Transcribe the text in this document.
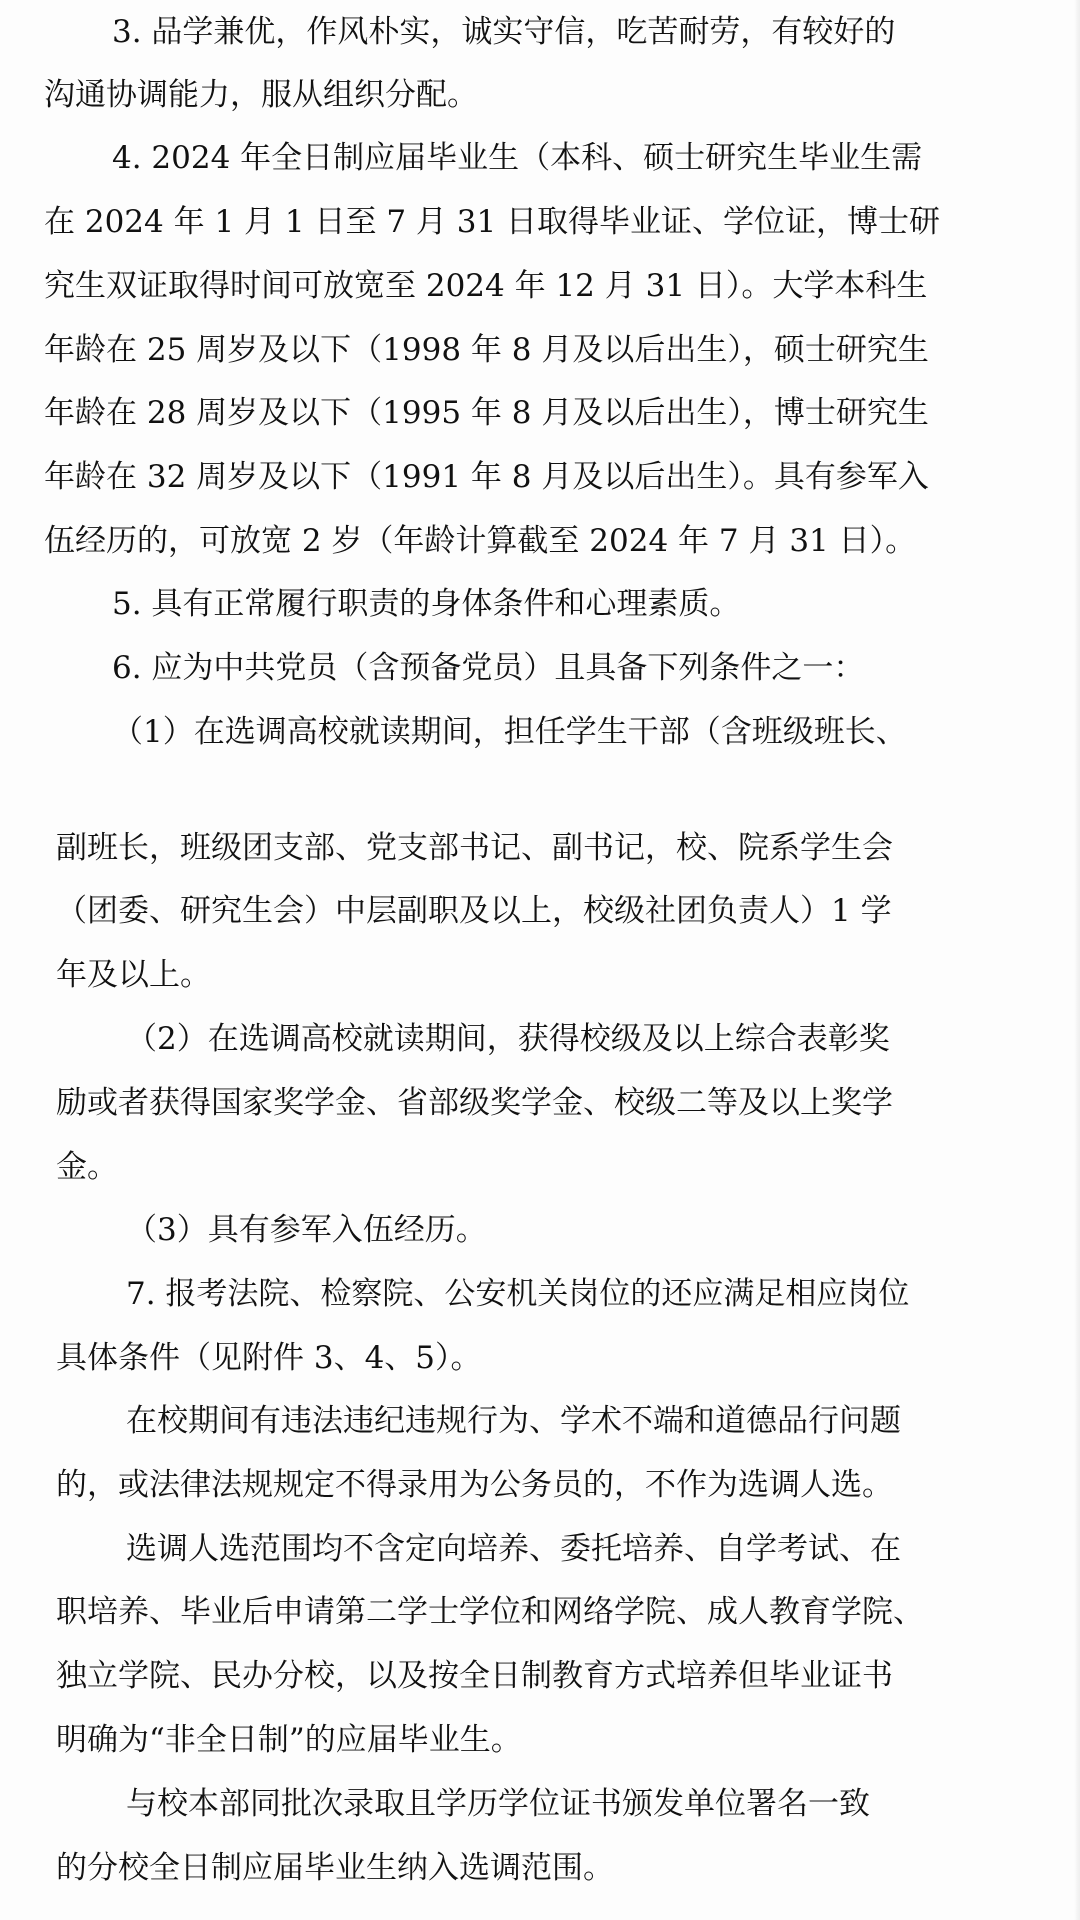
3. 品学兼优，作风朴实，诚实守信，吃苦耐劳，有较好的

沟通协调能力，服从组织分配。

4. 2024 年全日制应届毕业生（本科、硕士研究生毕业生需

在 2024 年 1 月 1 日至 7 月 31 日取得毕业证、学位证，博士研

究生双证取得时间可放宽至 2024 年 12 月 31 日）。大学本科生

年龄在 25 周岁及以下（1998 年 8 月及以后出生），硕士研究生

年龄在 28 周岁及以下（1995 年 8 月及以后出生），博士研究生

年龄在 32 周岁及以下（1991 年 8 月及以后出生）。具有参军入

伍经历的，可放宽 2 岁（年龄计算截至 2024 年 7 月 31 日）。

5. 具有正常履行职责的身体条件和心理素质。

6. 应为中共党员（含预备党员）且具备下列条件之一：

（1）在选调高校就读期间，担任学生干部（含班级班长、

副班长，班级团支部、党支部书记、副书记，校、院系学生会

（团委、研究生会）中层副职及以上，校级社团负责人）1 学

年及以上。

（2）在选调高校就读期间，获得校级及以上综合表彰奖

励或者获得国家奖学金、省部级奖学金、校级二等及以上奖学

金。

（3）具有参军入伍经历。

7. 报考法院、检察院、公安机关岗位的还应满足相应岗位

具体条件（见附件 3、4、5）。

在校期间有违法违纪违规行为、学术不端和道德品行问题

的，或法律法规规定不得录用为公务员的，不作为选调人选。

选调人选范围均不含定向培养、委托培养、自学考试、在

职培养、毕业后申请第二学士学位和网络学院、成人教育学院、

独立学院、民办分校，以及按全日制教育方式培养但毕业证书

明确为“非全日制”的应届毕业生。

与校本部同批次录取且学历学位证书颁发单位署名一致

的分校全日制应届毕业生纳入选调范围。
